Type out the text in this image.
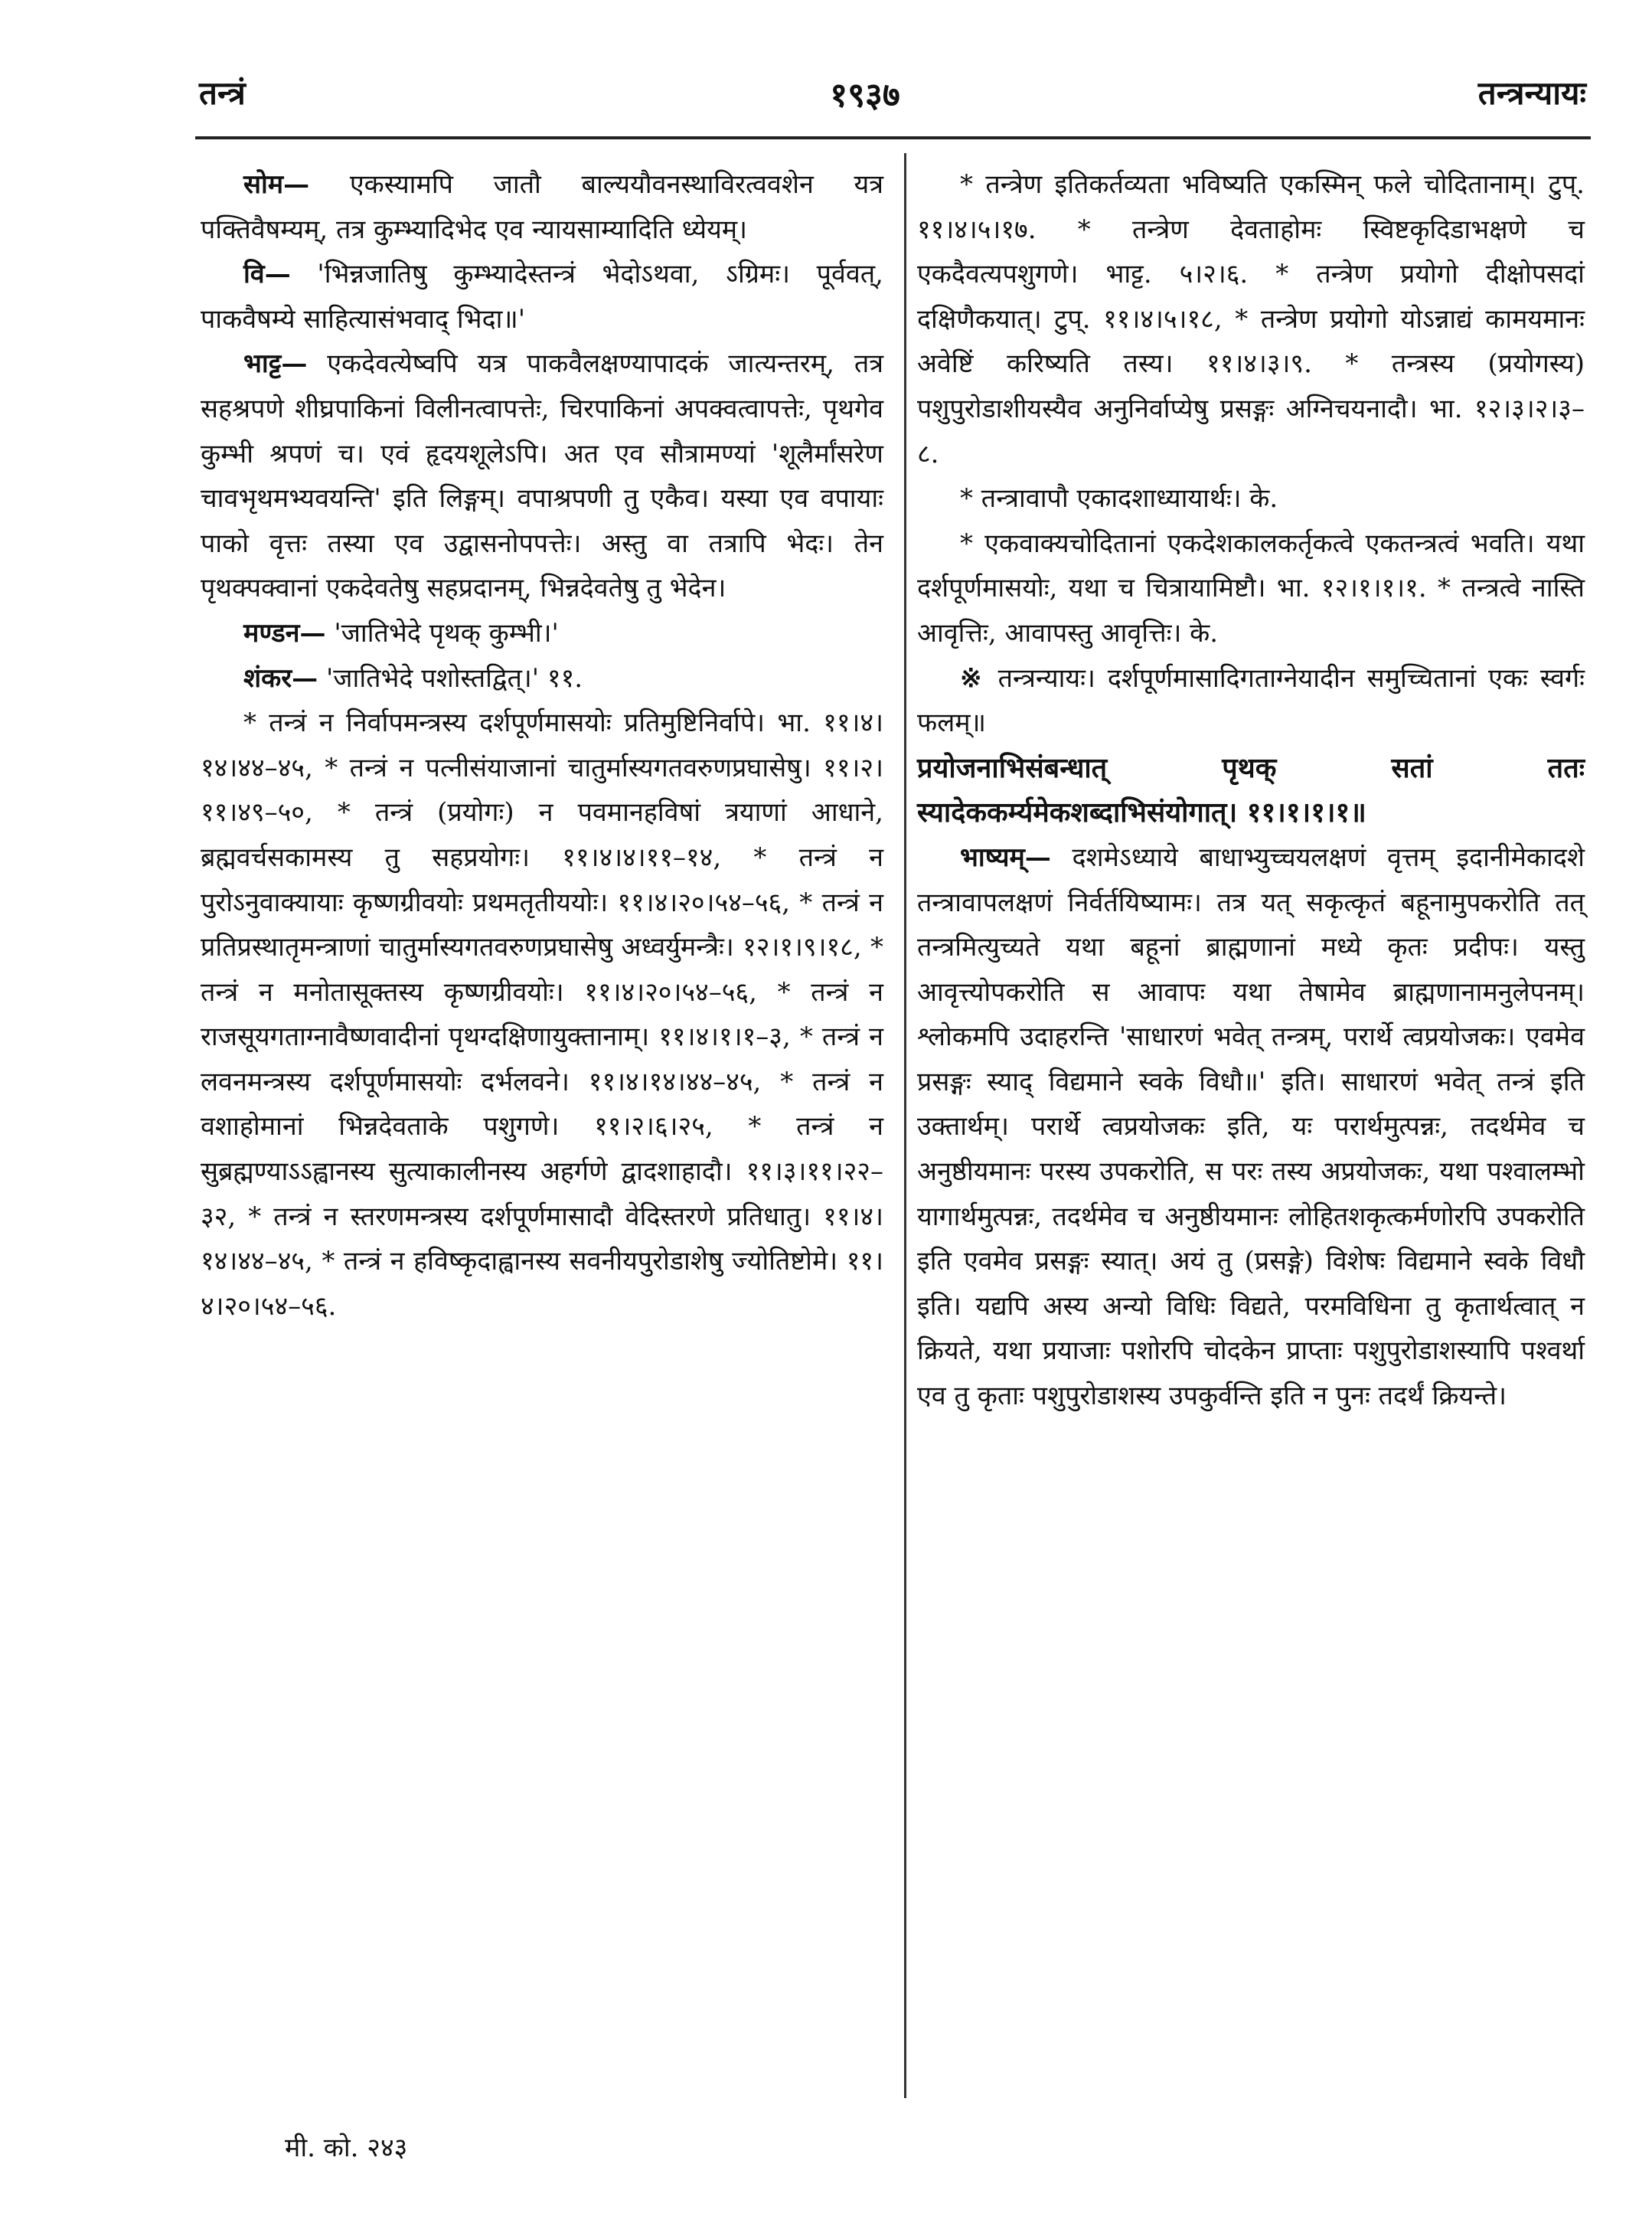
तन्त्रं	१९३७	तन्त्रन्यायः

सोम— एकस्यामपि जातौ बाल्ययौवनस्थाविरत्ववशेन यत्र पक्तिवैषम्यम्, तत्र कुम्भ्यादिभेद एव न्यायसाम्यादिति ध्येयम्।

वि— 'भिन्नजातिषु कुम्भ्यादेस्तन्त्रं भेदोऽथवा, ऽग्रिमः। पूर्ववत्, पाकवैषम्ये साहित्यासंभवाद् भिदा॥'

भाट्ट— एकदेवत्येष्वपि यत्र पाकवैलक्षण्यापादकं जात्यन्तरम्, तत्र सहश्रपणे शीघ्रपाकिनां विलीनत्वापत्तेः, चिरपाकिनां अपक्वत्वापत्तेः, पृथगेव कुम्भी श्रपणं च। एवं हृदयशूलेऽपि। अत एव सौत्रामण्यां 'शूलैर्मांसरेण चावभृथमभ्यवयन्ति' इति लिङ्गम्। वपाश्रपणी तु एकैव। यस्या एव वपायाः पाको वृत्तः तस्या एव उद्वासनोपपत्तेः। अस्तु वा तत्रापि भेदः। तेन पृथक्पक्वानां एकदेवतेषु सहप्रदानम्, भिन्नदेवतेषु तु भेदेन।

मण्डन— 'जातिभेदे पृथक् कुम्भी।'

शंकर— 'जातिभेदे पशोस्तद्वित्।' ११.

* तन्त्रं न निर्वापमन्त्रस्य दर्शपूर्णमासयोः प्रतिमुष्टिनिर्वापे। भा. ११।४।१४।४४–४५, * तन्त्रं न पत्नीसंयाजानां चातुर्मास्यगतवरुणप्रघासेषु। ११।२।११।४९–५०, * तन्त्रं (प्रयोगः) न पवमानहविषां त्रयाणां आधाने, ब्रह्मवर्चसकामस्य तु सहप्रयोगः। ११।४।४।११–१४, * तन्त्रं न पुरोऽनुवाक्यायाः कृष्णग्रीवयोः प्रथमतृतीययोः। ११।४।२०।५४–५६, * तन्त्रं न प्रतिप्रस्थातृमन्त्राणां चातुर्मास्यगतवरुणप्रघासेषु अध्वर्युमन्त्रैः। १२।१।९।१८, * तन्त्रं न मनोतासूक्तस्य कृष्णग्रीवयोः। ११।४।२०।५४–५६, * तन्त्रं न राजसूयगताग्नावैष्णवादीनां पृथग्दक्षिणायुक्तानाम्। ११।४।१।१–३, * तन्त्रं न लवनमन्त्रस्य दर्शपूर्णमासयोः दर्भलवने। ११।४।१४।४४–४५, * तन्त्रं न वशाहोमानां भिन्नदेवताके पशुगणे। ११।२।६।२५, * तन्त्रं न सुब्रह्मण्याऽऽह्वानस्य सुत्याकालीनस्य अहर्गणे द्वादशाहादौ। ११।३।११।२२–३२, * तन्त्रं न स्तरणमन्त्रस्य दर्शपूर्णमासादौ वेदिस्तरणे प्रतिधातु। ११।४।१४।४४–४५, * तन्त्रं न हविष्कृदाह्वानस्य सवनीयपुरोडाशेषु ज्योतिष्टोमे। ११।४।२०।५४–५६.

* तन्त्रेण इतिकर्तव्यता भविष्यति एकस्मिन् फले चोदितानाम्। टुप्. ११।४।५।१७. * तन्त्रेण देवताहोमः स्विष्टकृदिडाभक्षणे च एकदैवत्यपशुगणे। भाट्ट. ५।२।६. * तन्त्रेण प्रयोगो दीक्षोपसदां दक्षिणैकयात्। टुप्. ११।४।५।१८, * तन्त्रेण प्रयोगो योऽन्नाद्यं कामयमानः अवेष्टिं करिष्यति तस्य। ११।४।३।९. * तन्त्रस्य (प्रयोगस्य) पशुपुरोडाशीयस्यैव अनुनिर्वाप्येषु प्रसङ्गः अग्निचयनादौ। भा. १२।३।२।३–८.

* तन्त्रावापौ एकादशाध्यायार्थः। के.

* एकवाक्यचोदितानां एकदेशकालकर्तृकत्वे एकतन्त्रत्वं भवति। यथा दर्शपूर्णमासयोः, यथा च चित्रायामिष्टौ। भा. १२।१।१।१. * तन्त्रत्वे नास्ति आवृत्तिः, आवापस्तु आवृत्तिः। के.

※ तन्त्रन्यायः। दर्शपूर्णमासादिगताग्नेयादीन समुच्चितानां एकः स्वर्गः फलम्॥

प्रयोजनाभिसंबन्धात् पृथक् सतां ततः स्यादेककर्म्यमेकशब्दाभिसंयोगात्। ११।१।१।१॥

भाष्यम्— दशमेऽध्याये बाधाभ्युच्चयलक्षणं वृत्तम् इदानीमेकादशे तन्त्रावापलक्षणं निर्वर्तयिष्यामः। तत्र यत् सकृत्कृतं बहूनामुपकरोति तत् तन्त्रमित्युच्यते यथा बहूनां ब्राह्मणानां मध्ये कृतः प्रदीपः। यस्तु आवृत्त्योपकरोति स आवापः यथा तेषामेव ब्राह्मणानामनुलेपनम्। श्लोकमपि उदाहरन्ति 'साधारणं भवेत् तन्त्रम्, परार्थे त्वप्रयोजकः। एवमेव प्रसङ्गः स्याद् विद्यमाने स्वके विधौ॥' इति। साधारणं भवेत् तन्त्रं इति उक्तार्थम्। परार्थे त्वप्रयोजकः इति, यः परार्थमुत्पन्नः, तदर्थमेव च अनुष्ठीयमानः परस्य उपकरोति, स परः तस्य अप्रयोजकः, यथा पश्वालम्भो यागार्थमुत्पन्नः, तदर्थमेव च अनुष्ठीयमानः लोहितशकृत्कर्मणोरपि उपकरोति इति एवमेव प्रसङ्गः स्यात्। अयं तु (प्रसङ्गे) विशेषः विद्यमाने स्वके विधौ इति। यद्यपि अस्य अन्यो विधिः विद्यते, परमविधिना तु कृतार्थत्वात् न क्रियते, यथा प्रयाजाः पशोरपि चोदकेन प्राप्ताः पशुपुरोडाशस्यापि पश्वर्था एव तु कृताः पशुपुरोडाशस्य उपकुर्वन्ति इति न पुनः तदर्थं क्रियन्ते।

मी. को. २४३
